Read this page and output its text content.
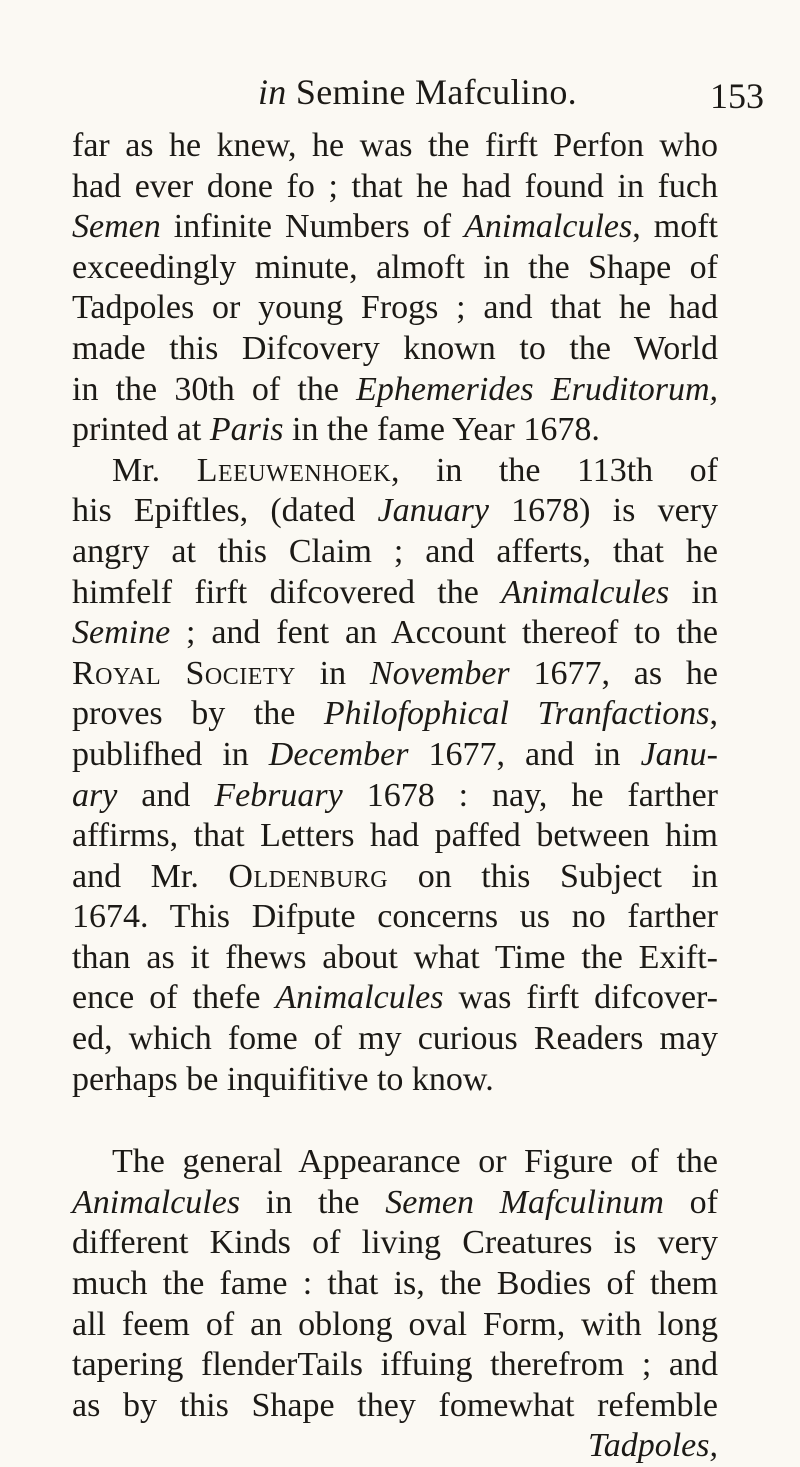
in Semine Mafculino.	153
far as he knew, he was the firft Perfon who
had ever done fo ; that he had found in fuch
Semen infinite Numbers of Animalcules, moft
exceedingly minute, almoft in the Shape of
Tadpoles or young Frogs ; and that he had
made this Difcovery known to the World
in the 30th of the Ephemerides Eruditorum,
printed at Paris in the fame Year 1678.
Mr. Leeuwenhoek, in the 113th of
his Epiftles, (dated January 1678) is very
angry at this Claim ; and afferts, that he
himfelf firft difcovered the Animalcules in
Semine ; and fent an Account thereof to the
Royal Society in November 1677, as he
proves by the Philofophical Tranfactions,
publifhed in December 1677, and in Janu-
ary and February 1678 : nay, he farther
affirms, that Letters had paffed between him
and Mr. Oldenburg on this Subject in
1674. This Difpute concerns us no farther
than as it fhews about what Time the Exift-
ence of thefe Animalcules was firft difcover-
ed, which fome of my curious Readers may
perhaps be inquifitive to know.
The general Appearance or Figure of the
Animalcules in the Semen Mafculinum of
different Kinds of living Creatures is very
much the fame : that is, the Bodies of them
all feem of an oblong oval Form, with long
tapering flenderTails iffuing therefrom ; and
as by this Shape they fomewhat refemble
Tadpoles,
